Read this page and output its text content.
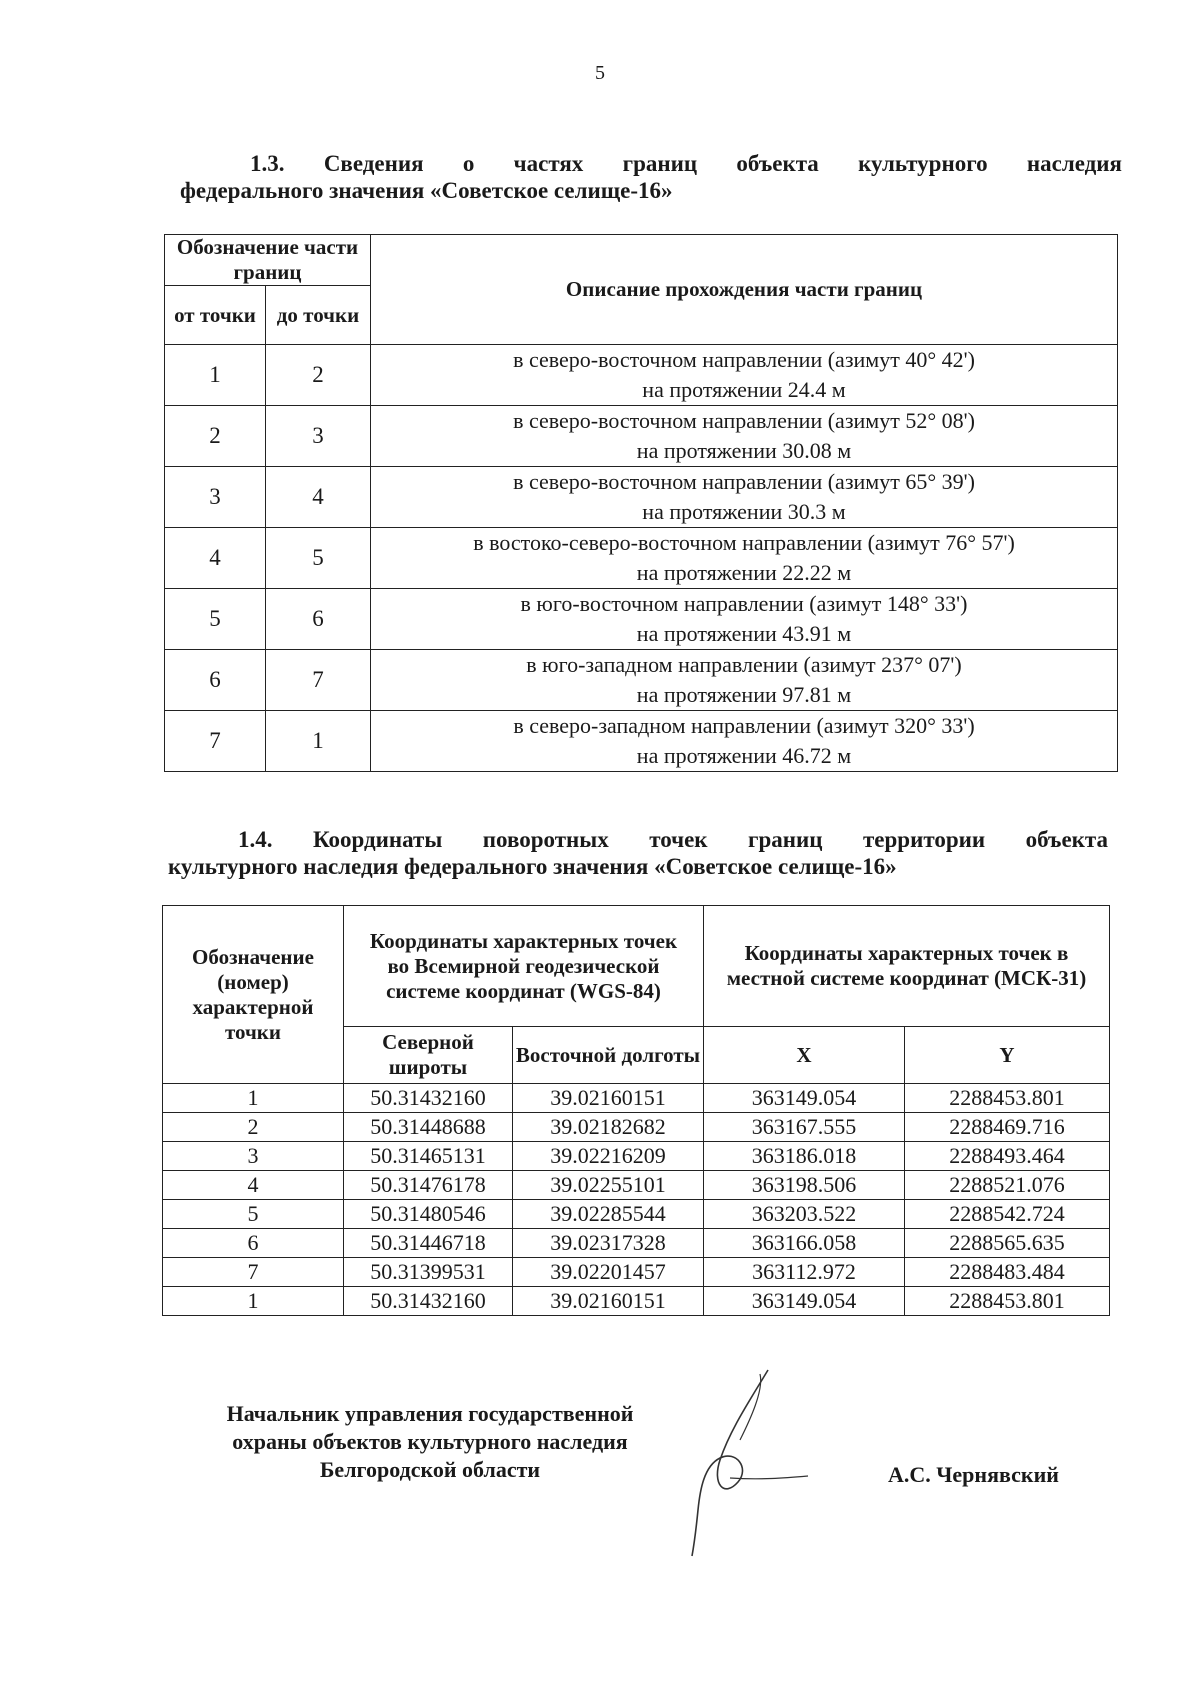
5
1.3. Сведения о частях границ объекта культурного наследия
федерального значения «Советское селище-16»
Обозначение части границ		Описание прохождения части границ
от точки	до точки	
1	2	в северо-восточном направлении (азимут 40° 42')
на протяжении 24.4 м

2	3	в северо-восточном направлении (азимут 52° 08')
на протяжении 30.08 м

3	4	в северо-восточном направлении (азимут 65° 39')
на протяжении 30.3 м

4	5	в востоко-северо-восточном направлении (азимут 76° 57')
на протяжении 22.22 м

5	6	в юго-восточном направлении (азимут 148° 33')
на протяжении 43.91 м

6	7	в юго-западном направлении (азимут 237° 07')
на протяжении 97.81 м

7	1	в северо-западном направлении (азимут 320° 33')
на протяжении 46.72 м
1.4. Координаты поворотных точек границ территории объекта
культурного наследия федерального значения «Советское селище-16»
Обозначение (номер) характерной точки	Координаты характерных точек во Всемирной геодезической системе координат (WGS-84)		Координаты характерных точек в местной системе координат (МСК-31)	
	Северной широты	Восточной долготы	X	Y
1	50.31432160	39.02160151	363149.054	2288453.801
2	50.31448688	39.02182682	363167.555	2288469.716
3	50.31465131	39.02216209	363186.018	2288493.464
4	50.31476178	39.02255101	363198.506	2288521.076
5	50.31480546	39.02285544	363203.522	2288542.724
6	50.31446718	39.02317328	363166.058	2288565.635
7	50.31399531	39.02201457	363112.972	2288483.484
1	50.31432160	39.02160151	363149.054	2288453.801
Начальник управления государственной
охраны объектов культурного наследия
Белгородской области	А.С. Чернявский
